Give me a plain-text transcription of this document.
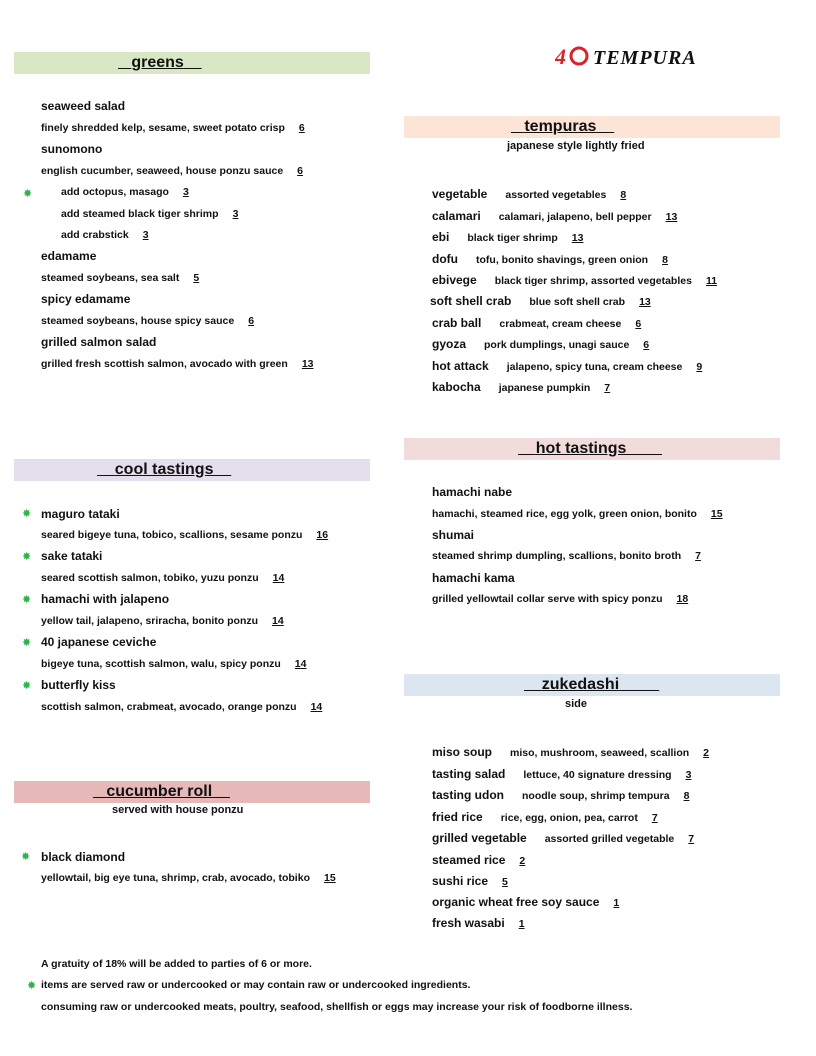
4 TEMPURA
greens
seaweed salad
finely shredded kelp, sesame, sweet potato crisp 6
sunomono
english cucumber, seaweed, house ponzu sauce 6
✸	add octopus, masago 3
add steamed black tiger shrimp 3
add crabstick 3
edamame
steamed soybeans, sea salt 5
spicy edamame
steamed soybeans, house spicy sauce 6
grilled salmon salad
grilled fresh scottish salmon, avocado with green 13
tempuras
japanese style lightly fried
vegetable assorted vegetables 8
calamari calamari, jalapeno, bell pepper 13
ebi black tiger shrimp 13
dofu tofu, bonito shavings, green onion 8
ebivege black tiger shrimp, assorted vegetables 11
soft shell crab blue soft shell crab 13
crab ball crabmeat, cream cheese 6
gyoza pork dumplings, unagi sauce 6
hot attack jalapeno, spicy tuna, cream cheese 9
kabocha japanese pumpkin 7
hot tastings
hamachi nabe
hamachi, steamed rice, egg yolk, green onion, bonito 15
shumai
steamed shrimp dumpling, scallions, bonito broth 7
hamachi kama
grilled yellowtail collar serve with spicy ponzu 18
cool tastings
✸ maguro tataki
seared bigeye tuna, tobico, scallions, sesame ponzu 16
✸ sake tataki
seared scottish salmon, tobiko, yuzu ponzu 14
✸ hamachi with jalapeno
yellow tail, jalapeno, sriracha, bonito ponzu 14
✸ 40 japanese ceviche
bigeye tuna, scottish salmon, walu, spicy ponzu 14
✸ butterfly kiss
scottish salmon, crabmeat, avocado, orange ponzu 14
zukedashi
side
miso soup miso, mushroom, seaweed, scallion 2
tasting salad lettuce, 40 signature dressing 3
tasting udon noodle soup, shrimp tempura 8
fried rice rice, egg, onion, pea, carrot 7
grilled vegetable assorted grilled vegetable 7
steamed rice 2
sushi rice 5
organic wheat free soy sauce 1
fresh wasabi 1
cucumber roll
served with house ponzu
✸ black diamond
yellowtail, big eye tuna, shrimp, crab, avocado, tobiko 15
A gratuity of 18% will be added to parties of 6 or more.
✸ items are served raw or undercooked or may contain raw or undercooked ingredients.
consuming raw or undercooked meats, poultry, seafood, shellfish or eggs may increase your risk of foodborne illness.
